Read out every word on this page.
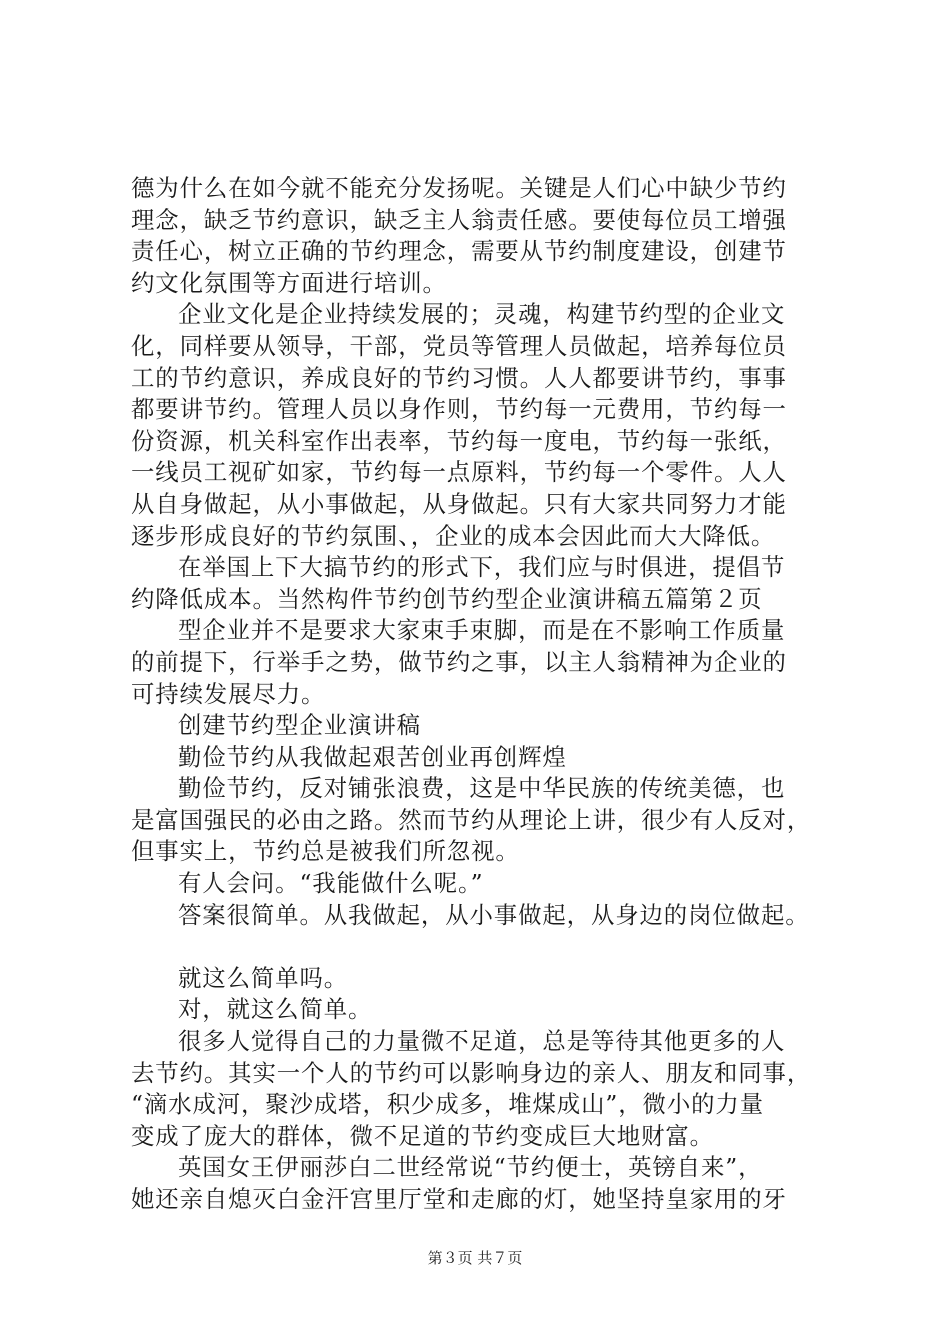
德为什么在如今就不能充分发扬呢。关键是人们心中缺少节约

理念，缺乏节约意识，缺乏主人翁责任感。要使每位员工增强

责任心，树立正确的节约理念，需要从节约制度建设，创建节

约文化氛围等方面进行培训。

企业文化是企业持续发展的；灵魂，构建节约型的企业文

化，同样要从领导，干部，党员等管理人员做起，培养每位员

工的节约意识，养成良好的节约习惯。人人都要讲节约，事事

都要讲节约。管理人员以身作则，节约每一元费用，节约每一

份资源，机关科室作出表率，节约每一度电，节约每一张纸，

一线员工视矿如家，节约每一点原料，节约每一个零件。人人

从自身做起，从小事做起，从身做起。只有大家共同努力才能

逐步形成良好的节约氛围、，企业的成本会因此而大大降低。

在举国上下大搞节约的形式下，我们应与时俱进，提倡节

约降低成本。当然构件节约创节约型企业演讲稿五篇第２页

型企业并不是要求大家束手束脚，而是在不影响工作质量

的前提下，行举手之势，做节约之事，以主人翁精神为企业的

可持续发展尽力。

创建节约型企业演讲稿

勤俭节约从我做起艰苦创业再创辉煌

勤俭节约，反对铺张浪费，这是中华民族的传统美德，也

是富国强民的必由之路。然而节约从理论上讲，很少有人反对，

但事实上，节约总是被我们所忽视。

有人会问。“我能做什么呢。”

答案很简单。从我做起，从小事做起，从身边的岗位做起。

就这么简单吗。

对，就这么简单。

很多人觉得自己的力量微不足道，总是等待其他更多的人

去节约。其实一个人的节约可以影响身边的亲人、朋友和同事，

“滴水成河，聚沙成塔，积少成多，堆煤成山”，微小的力量

变成了庞大的群体，微不足道的节约变成巨大地财富。

英国女王伊丽莎白二世经常说“节约便士，英镑自来”，

她还亲自熄灭白金汗宫里厅堂和走廊的灯，她坚持皇家用的牙

第３页 共７页
